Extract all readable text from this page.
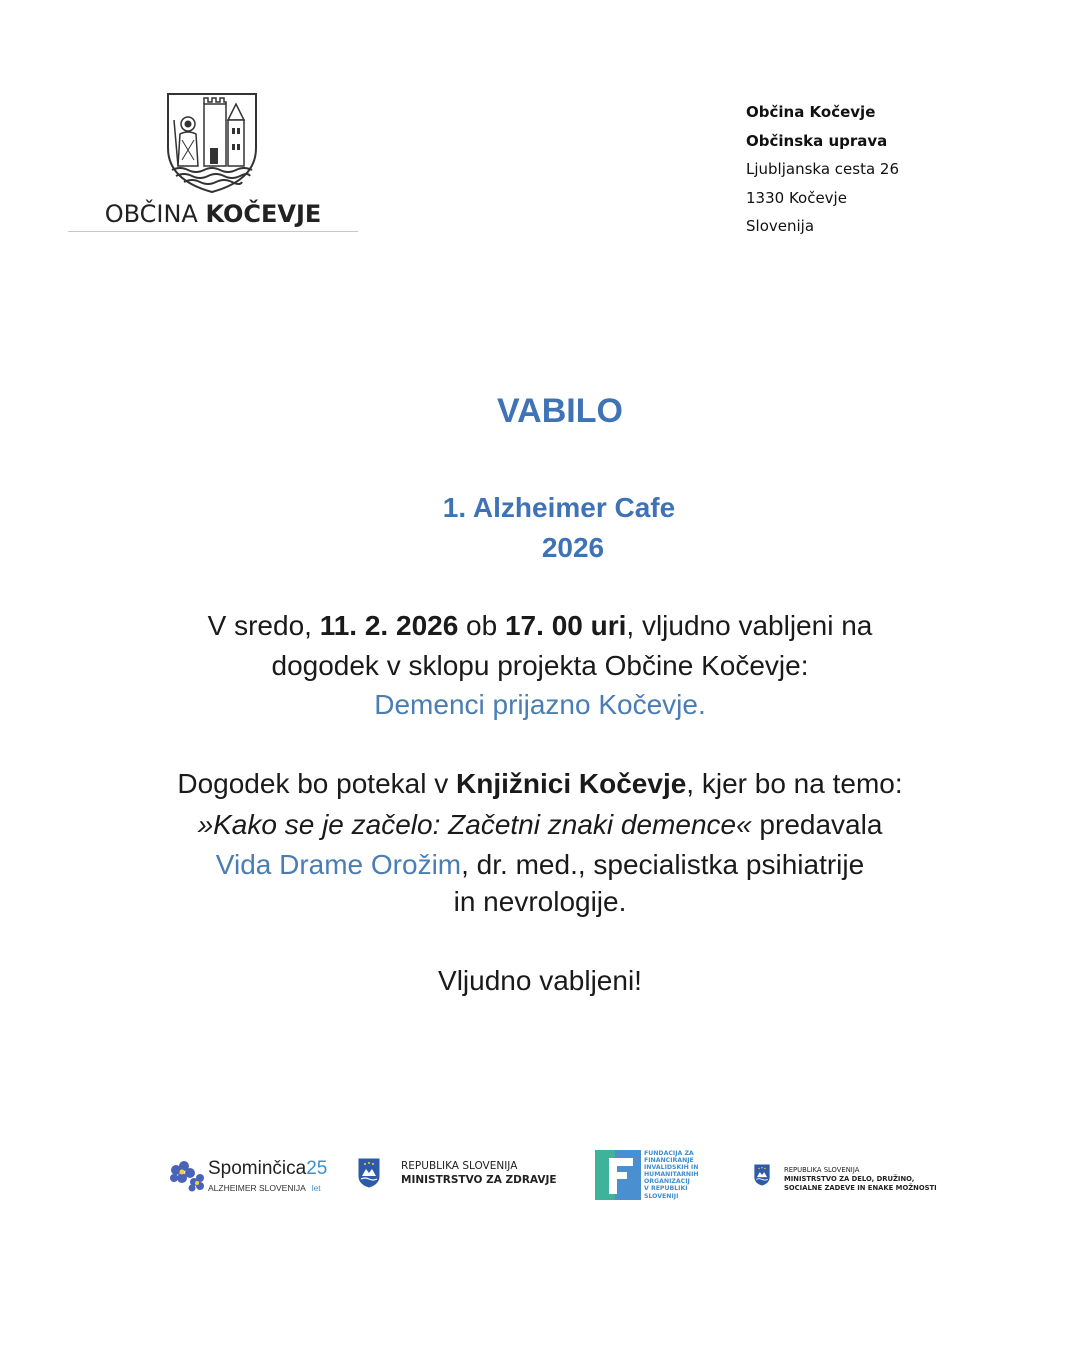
OBČINA KOČEVJE
Občina Kočevje
Občinska uprava
Ljubljanska cesta 26
1330 Kočevje
Slovenija
VABILO
1. Alzheimer Cafe
2026
V sredo, 11. 2. 2026 ob 17. 00 uri, vljudno vabljeni na
dogodek v sklopu projekta Občine Kočevje:
Demenci prijazno Kočevje.
Dogodek bo potekal v Knjižnici Kočevje, kjer bo na temo:
»Kako se je začelo: Začetni znaki demence« predavala
Vida Drame Orožim, dr. med., specialistka psihiatrije
in nevrologije.
Vljudno vabljeni!
Spominčica25
ALZHEIMER SLOVENIJA let
REPUBLIKA SLOVENIJA
MINISTRSTVO ZA ZDRAVJE
FUNDACIJA ZA
FINANCIRANJE
INVALIDSKIH IN
HUMANITARNIH
ORGANIZACIJ
V REPUBLIKI
SLOVENIJI
REPUBLIKA SLOVENIJA
MINISTRSTVO ZA DELO, DRUŽINO,
SOCIALNE ZADEVE IN ENAKE MOŽNOSTI
